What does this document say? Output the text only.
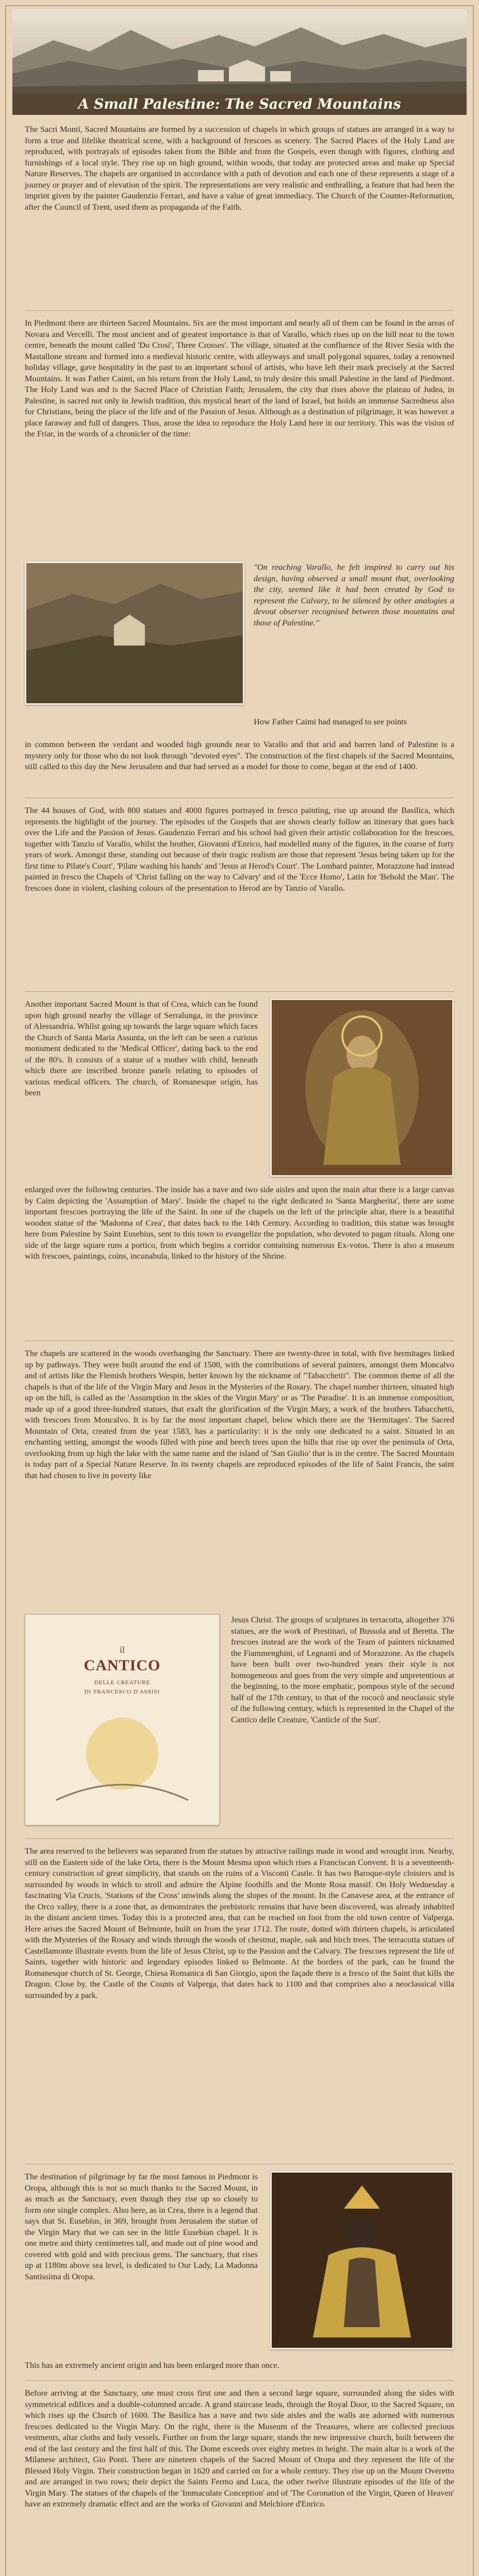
A Small Palestine: The Sacred Mountains

The Sacri Monti, Sacred Mountains are formed by a succession of chapels in which groups of statues are arranged in a way to form a true and lifelike theatrical scene, with a background of frescoes as scenery. The Sacred Places of the Holy Land are reproduced, with portrayals of episodes taken from the Bible and from the Gospels, even though with figures, clothing and furnishings of a local style. They rise up on high ground, within woods, that today are protected areas and make up Special Nature Reserves. The chapels are organised in accordance with a path of devotion and each one of these represents a stage of a journey or prayer and of elevation of the spirit. The representations are very realistic and enthralling, a feature that had been the imprint given by the painter Gaudenzio Ferrari, and have a value of great immediacy. The Church of the Counter-Reformation, after the Council of Trent, used them as propaganda of the Faith.

In Piedmont there are thirteen Sacred Mountains. Six are the most important and nearly all of them can be found in the areas of Novara and Vercelli. The most ancient and of greatest importance is that of Varallo, which rises up on the hill near to the town centre, beneath the mount called 'Do Crosi', Three Crosses'. The village, situated at the confluence of the River Sesia with the Mastallone stream and formed into a medieval historic centre, with alleyways and small polygonal squares, today a renowned holiday village, gave hospitality in the past to an important school of artists, who have left their mark precisely at the Sacred Mountains. It was Father Caimi, on his return from the Holy Land, to truly desire this small Palestine in the land of Piedmont. The Holy Land was and is the Sacred Place of Christian Faith; Jerusalem, the city that rises above the plateau of Judea, in Palestine, is sacred not only in Jewish tradition, this mystical heart of the land of Israel, but holds an immense Sacredness also for Christians, being the place of the life and of the Passion of Jesus. Although as a destination of pilgrimage, it was however a place faraway and full of dangers. Thus, arose the idea to reproduce the Holy Land here in our territory. This was the vision of the Friar, in the words of a chronicler of the time:

"On reaching Varallo, he felt inspired to carry out his design, having observed a small mount that, overlooking the city, seemed like it had been created by God to represent the Calvary, to be silenced by other analogies a devout observer recognised between those mountains and those of Palestine."

How Father Caimi had managed to see points

in common between the verdant and wooded high grounds near to Varallo and that arid and barren land of Palestine is a mystery only for those who do not look through "devoted eyes". The construction of the first chapels of the Sacred Mountains, still called to this day the New Jerusalem and that had served as a model for those to come, began at the end of 1400.

The 44 houses of God, with 800 statues and 4000 figures portrayed in fresco painting, rise up around the Basilica, which represents the highlight of the journey. The episodes of the Gospels that are shown clearly follow an itinerary that goes back over the Life and the Passion of Jesus. Gaudenzio Ferrari and his school had given their artistic collaboration for the frescoes, together with Tanzio of Varallo, whilst the brother, Giovanni d'Enrico, had modelled many of the figures, in the course of forty years of work. Amongst these, standing out because of their tragic realism are those that represent 'Jesus being taken up for the first time to Pilate's Court', 'Pilate washing his hands' and 'Jesus at Herod's Court'. The Lombard painter, Morazzone had instead painted in fresco the Chapels of 'Christ falling on the way to Calvary' and of the 'Ecce Homo', Latin for 'Behold the Man'. The frescoes done in violent, clashing colours of the presentation to Herod are by Tanzio of Varallo.

Another important Sacred Mount is that of Crea, which can be found upon high ground nearby the village of Serralunga, in the province of Alessandria. Whilst going up towards the large square which faces the Church of Santa Maria Assunta, on the left can be seen a curious monument dedicated to the 'Medical Officer', dating back to the end of the 80's. It consists of a statue of a mother with child, beneath which there are inscribed bronze panels relating to episodes of various medical officers. The church, of Romanesque origin, has been

enlarged over the following centuries. The inside has a nave and two side aisles and upon the main altar there is a large canvas by Caim depicting the 'Assumption of Mary'. Inside the chapel to the right dedicated to 'Santa Margherita', there are some important frescoes portraying the life of the Saint. In one of the chapels on the left of the principle altar, there is a beautiful wooden statue of the 'Madonna of Crea', that dates back to the 14th Century. According to tradition, this statue was brought here from Palestine by Saint Eusebius, sent to this town to evangelize the population, who devoted to pagan rituals. Along one side of the large square runs a portico, from which begins a corridor containing numerous Ex-votos. There is also a museum with frescoes, paintings, coins, incunabula, linked to the history of the Shrine.

The chapels are scattered in the woods overhanging the Sanctuary. There are twenty-three in total, with five hermitages linked up by pathways. They were built around the end of 1500, with the contributions of several painters, amongst them Moncalvo and of artists like the Flemish brothers Wespin, better known by the nickname of "Tabacchetti". The common theme of all the chapels is that of the life of the Virgin Mary and Jesus in the Mysteries of the Rosary. The chapel number thirteen, situated high up on the hill, is called as the 'Assumption in the skies of the Virgin Mary' or as 'The Paradise'. It is an immense composition, made up of a good three-hundred statues, that exalt the glorification of the Virgin Mary, a work of the brothers Tabacchetti, with frescoes from Moncalvo. It is by far the most important chapel, below which there are the 'Hermitages'. The Sacred Mountain of Orta, created from the year 1583, has a particularity: it is the only one dedicated to a saint. Situated in an enchanting setting, amongst the woods filled with pine and beech trees upon the hills that rise up over the peninsula of Orta, overlooking from up high the lake with the same name and the island of 'San Giulio' that is in the centre. The Sacred Mountain is today part of a Special Nature Reserve. In its twenty chapels are reproduced episodes of the life of Saint Francis, the saint that had chosen to live in poverty like

il
CANTICO
DELLE CREATURE
DI FRANCESCO D'ASSISI

Jesus Christ. The groups of sculptures in terracotta, altogether 376 statues, are the work of Prestinari, of Bussola and of Beretta. The frescoes instead are the work of the Team of painters nicknamed the Fiammenghini, of Legnanti and of Morazzone. As the chapels have been built over two-hundred years their style is not homogeneous and goes from the very simple and unpretentious at the beginning, to the more emphatic, pompous style of the second half of the 17th century, to that of the rococò and neoclassic style of the following century, which is represented in the Chapel of the Cantico delle Creature, 'Canticle of the Sun'.

The area reserved to the believers was separated from the statues by attractive railings made in wood and wrought iron. Nearby, still on the Eastern side of the lake Orta, there is the Mount Mesma upon which rises a Franciscan Convent. It is a seventeenth-century construction of great simplicity, that stands on the ruins of a Visconti Castle. It has two Baroque-style cloisters and is surrounded by woods in which to stroll and admire the Alpine foothills and the Monte Rosa massif. On Holy Wednesday a fascinating Via Crucis, 'Stations of the Cross' unwinds along the slopes of the mount. In the Canavese area, at the entrance of the Orco valley, there is a zone that, as demonstrates the prehistoric remains that have been discovered, was already inhabited in the distant ancient times. Today this is a protected area, that can be reached on foot from the old town centre of Valperga. Here arises the Sacred Mount of Belmonte, built on from the year 1712. The route, dotted with thirteen chapels, is articulated with the Mysteries of the Rosary and winds through the woods of chestnut, maple, oak and birch trees. The terracotta statues of Castellamonte illustrate events from the life of Jesus Christ, up to the Passion and the Calvary. The frescoes represent the life of Saints, together with historic and legendary episodes linked to Belmonte. At the borders of the park, can be found the Romanesque church of St. George, Chiesa Romanica di San Giorgio, upon the façade there is a fresco of the Saint that kills the Dragon. Close by, the Castle of the Counts of Valperga, that dates back to 1100 and that comprises also a neoclassical villa surrounded by a park.

The destination of pilgrimage by far the most famous in Piedmont is Oropa, although this is not so much thanks to the Sacred Mount, in as much as the Sanctuary, even though they rise up so closely to form one single complex. Also here, as in Crea, there is a legend that says that St. Eusebius, in 369, brought from Jerusalem the statue of the Virgin Mary that we can see in the little Eusebian chapel. It is one metre and thirty centimetres tall, and made out of pine wood and covered with gold and with precious gems. The sanctuary, that rises up at 1180m above sea level, is dedicated to Our Lady, La Madonna Santissima di Oropa.

This has an extremely ancient origin and has been enlarged more than once.

Before arriving at the Sanctuary, one must cross first one and then a second large square, surrounded along the sides with symmetrical edifices and a double-columned arcade. A grand staircase leads, through the Royal Door, to the Sacred Square, on which rises up the Church of 1600. The Basilica has a nave and two side aisles and the walls are adorned with numerous frescoes dedicated to the Virgin Mary. On the right, there is the Museum of the Treasures, where are collected precious vestments, altar cloths and holy vessels. Further on from the large square, stands the new impressive church, built between the end of the last century and the first half of this. The Dome exceeds over eighty metres in height. The main altar is a work of the Milanese architect, Gio Ponti. There are nineteen chapels of the Sacred Mount of Oropa and they represent the life of the Blessed Holy Virgin. Their construction began in 1620 and carried on for a whole century. They rise up on the Mount Overetto and are arranged in two rows; their depict the Saints Fermo and Luca, the other twelve illustrate episodes of the life of the Virgin Mary. The statues of the chapels of the 'Immaculate Conception' and of 'The Coronation of the Virgin, Queen of Heaven' have an extremely dramatic effect and are the works of Giovanni and Melchiore d'Enrico.
